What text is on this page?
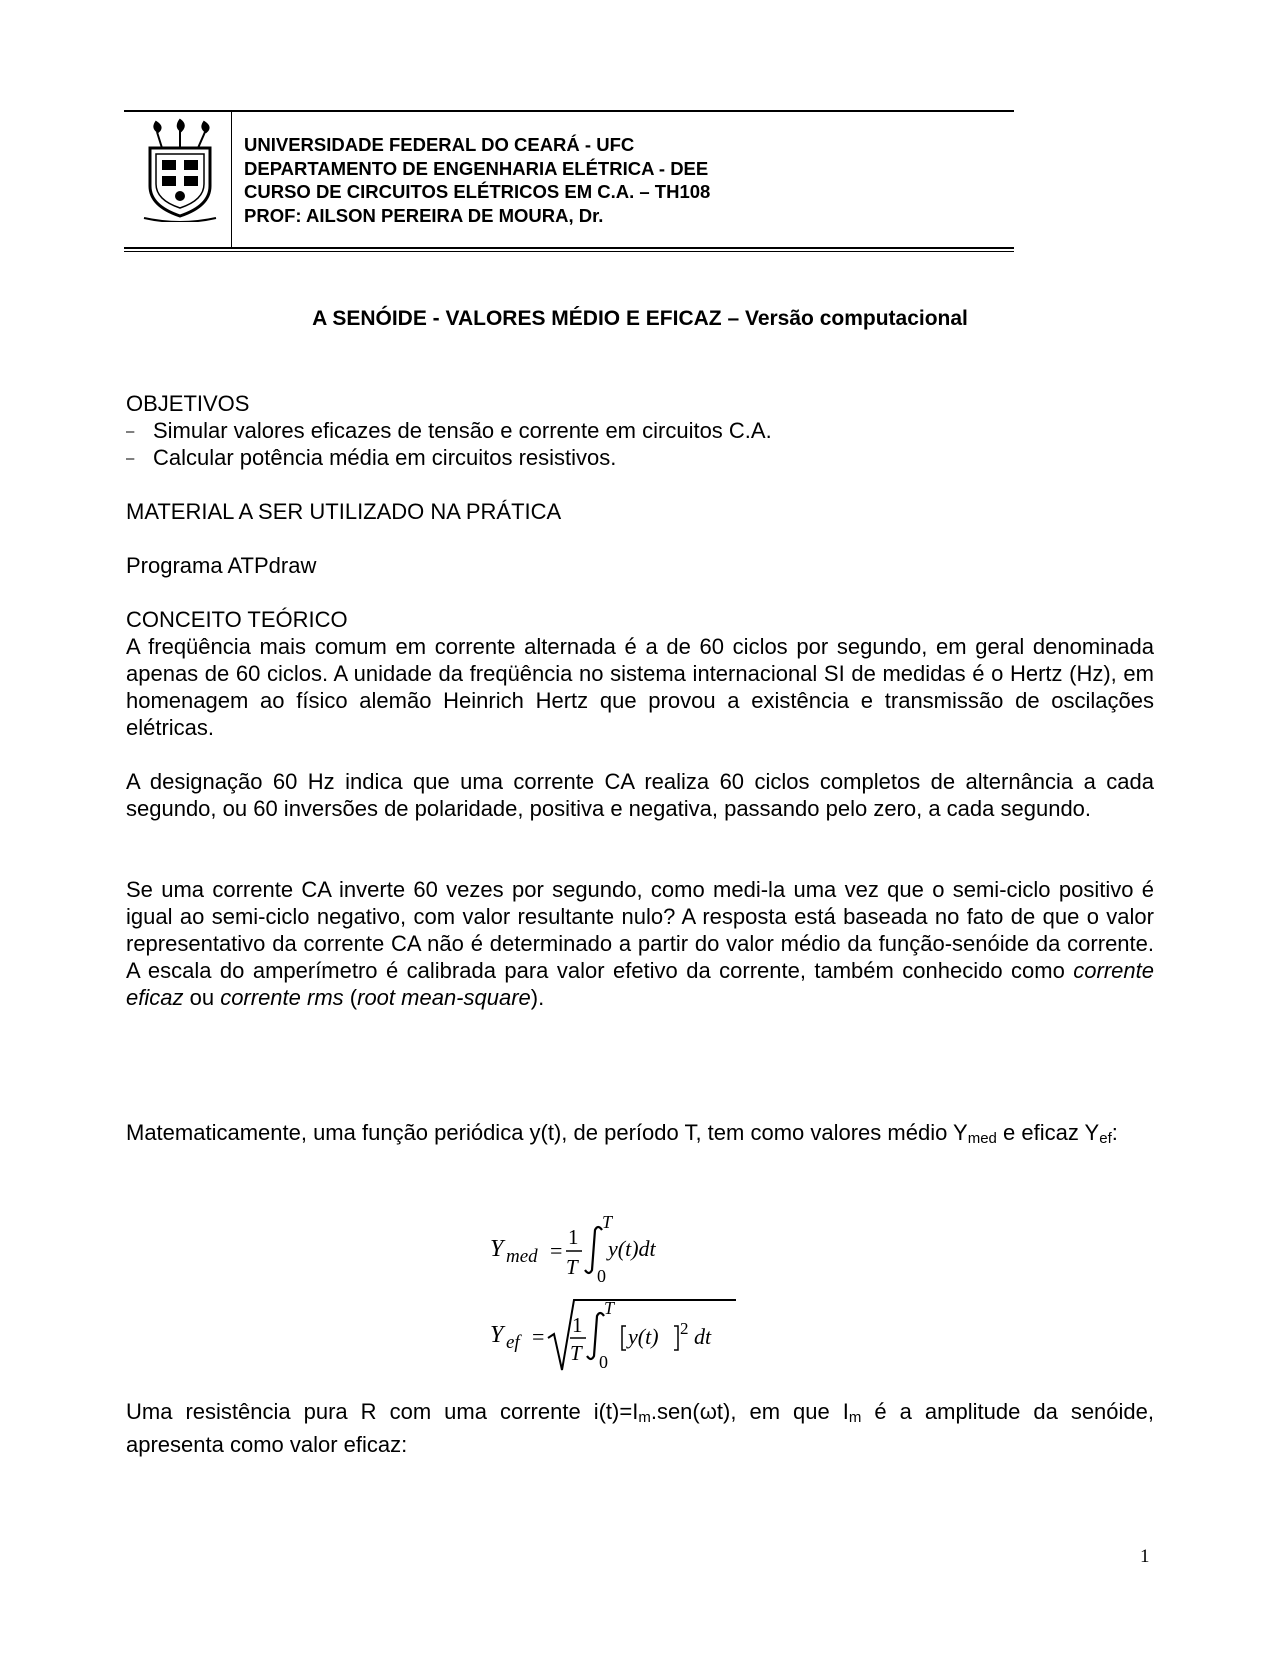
UNIVERSIDADE FEDERAL DO CEARÁ - UFC
DEPARTAMENTO DE ENGENHARIA ELÉTRICA - DEE
CURSO DE CIRCUITOS ELÉTRICOS EM C.A. – TH108
PROF: AILSON PEREIRA DE MOURA, Dr.
A SENÓIDE - VALORES MÉDIO E EFICAZ – Versão computacional
OBJETIVOS
– Simular valores eficazes de tensão e corrente em circuitos C.A.
– Calcular potência média em circuitos resistivos.
MATERIAL A SER UTILIZADO NA PRÁTICA
Programa ATPdraw
CONCEITO TEÓRICO
A freqüência mais comum em corrente alternada é a de 60 ciclos por segundo, em geral denominada apenas de 60 ciclos. A unidade da freqüência no sistema internacional SI de medidas é o Hertz (Hz), em homenagem ao físico alemão Heinrich Hertz que provou a existência e transmissão de oscilações elétricas.
A designação 60 Hz indica que uma corrente CA realiza 60 ciclos completos de alternância a cada segundo, ou 60 inversões de polaridade, positiva e negativa, passando pelo zero, a cada segundo.
Se uma corrente CA inverte 60 vezes por segundo, como medi-la uma vez que o semi-ciclo positivo é igual ao semi-ciclo negativo, com valor resultante nulo? A resposta está baseada no fato de que o valor representativo da corrente CA não é determinado a partir do valor médio da função-senóide da corrente. A escala do amperímetro é calibrada para valor efetivo da corrente, também conhecido como corrente eficaz ou corrente rms (root mean-square).
Matematicamente, uma função periódica y(t), de período T, tem como valores médio $Y_{med}$ e eficaz $Y_{ef}$:
Y med =
1
T
T
0
y(t)dt
Y ef = 1
T
T
0
y(t) 2 dt
Uma resistência pura R com uma corrente $i(t)=I_m.sen(\omega t)$, em que $I_m$ é a amplitude da senóide, apresenta como valor eficaz:
1
